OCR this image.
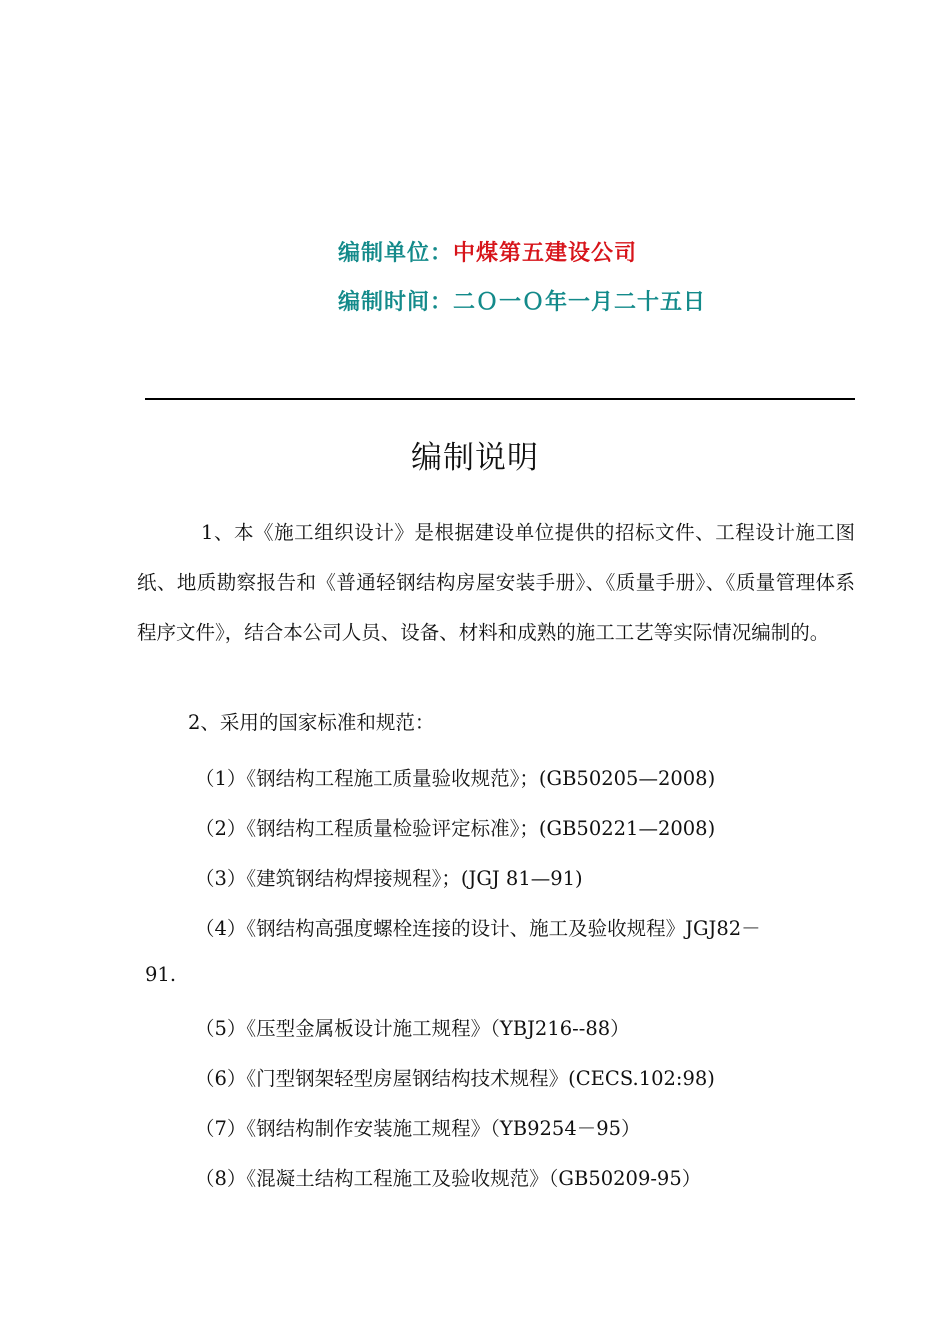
编制单位：中煤第五建设公司
编制时间：二Ｏ一Ｏ年一月二十五日
编制说明

1、本《施工组织设计》是根据建设单位提供的招标文件、工程设计施工图纸、地质勘察报告和《普通轻钢结构房屋安装手册》、《质量手册》、《质量管理体系程序文件》，结合本公司人员、设备、材料和成熟的施工工艺等实际情况编制的。

2、采用的国家标准和规范：

（1）《钢结构工程施工质量验收规范》；(GB50205—2008)
（2）《钢结构工程质量检验评定标准》；(GB50221—2008)
（3）《建筑钢结构焊接规程》；(JGJ 81—91)
（4）《钢结构高强度螺栓连接的设计、施工及验收规程》JGJ82－
91.
（5）《压型金属板设计施工规程》（YBJ216--88）
（6）《门型钢架轻型房屋钢结构技术规程》(CECS.102:98)
（7）《钢结构制作安装施工规程》（YB9254－95）
（8）《混凝土结构工程施工及验收规范》（GB50209-95）
